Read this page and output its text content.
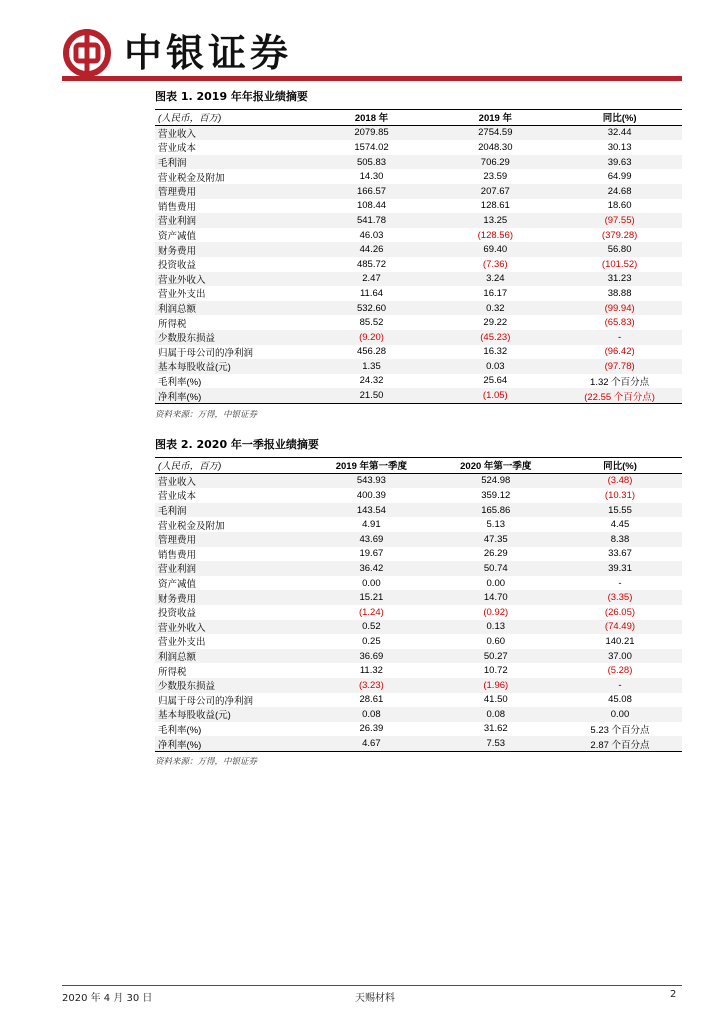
中银证券
图表 1. 2019 年年报业绩摘要
(人民币，百万)	2018 年	2019 年	同比(%)
营业收入	2079.85	2754.59	32.44
营业成本	1574.02	2048.30	30.13
毛利润	505.83	706.29	39.63
营业税金及附加	14.30	23.59	64.99
管理费用	166.57	207.67	24.68
销售费用	108.44	128.61	18.60
营业利润	541.78	13.25	(97.55)
资产减值	46.03	(128.56)	(379.28)
财务费用	44.26	69.40	56.80
投资收益	485.72	(7.36)	(101.52)
营业外收入	2.47	3.24	31.23
营业外支出	11.64	16.17	38.88
利润总额	532.60	0.32	(99.94)
所得税	85.52	29.22	(65.83)
少数股东损益	(9.20)	(45.23)	-
归属于母公司的净利润	456.28	16.32	(96.42)
基本每股收益(元)	1.35	0.03	(97.78)
毛利率(%)	24.32	25.64	1.32 个百分点
净利率(%)	21.50	(1.05)	(22.55 个百分点)
资料来源：万得，中银证券
图表 2. 2020 年一季报业绩摘要
(人民币，百万)	2019 年第一季度	2020 年第一季度	同比(%)
营业收入	543.93	524.98	(3.48)
营业成本	400.39	359.12	(10.31)
毛利润	143.54	165.86	15.55
营业税金及附加	4.91	5.13	4.45
管理费用	43.69	47.35	8.38
销售费用	19.67	26.29	33.67
营业利润	36.42	50.74	39.31
资产减值	0.00	0.00	-
财务费用	15.21	14.70	(3.35)
投资收益	(1.24)	(0.92)	(26.05)
营业外收入	0.52	0.13	(74.49)
营业外支出	0.25	0.60	140.21
利润总额	36.69	50.27	37.00
所得税	11.32	10.72	(5.28)
少数股东损益	(3.23)	(1.96)	-
归属于母公司的净利润	28.61	41.50	45.08
基本每股收益(元)	0.08	0.08	0.00
毛利率(%)	26.39	31.62	5.23 个百分点
净利率(%)	4.67	7.53	2.87 个百分点
资料来源：万得，中银证券
2020 年 4 月 30 日	天赐材料	2
